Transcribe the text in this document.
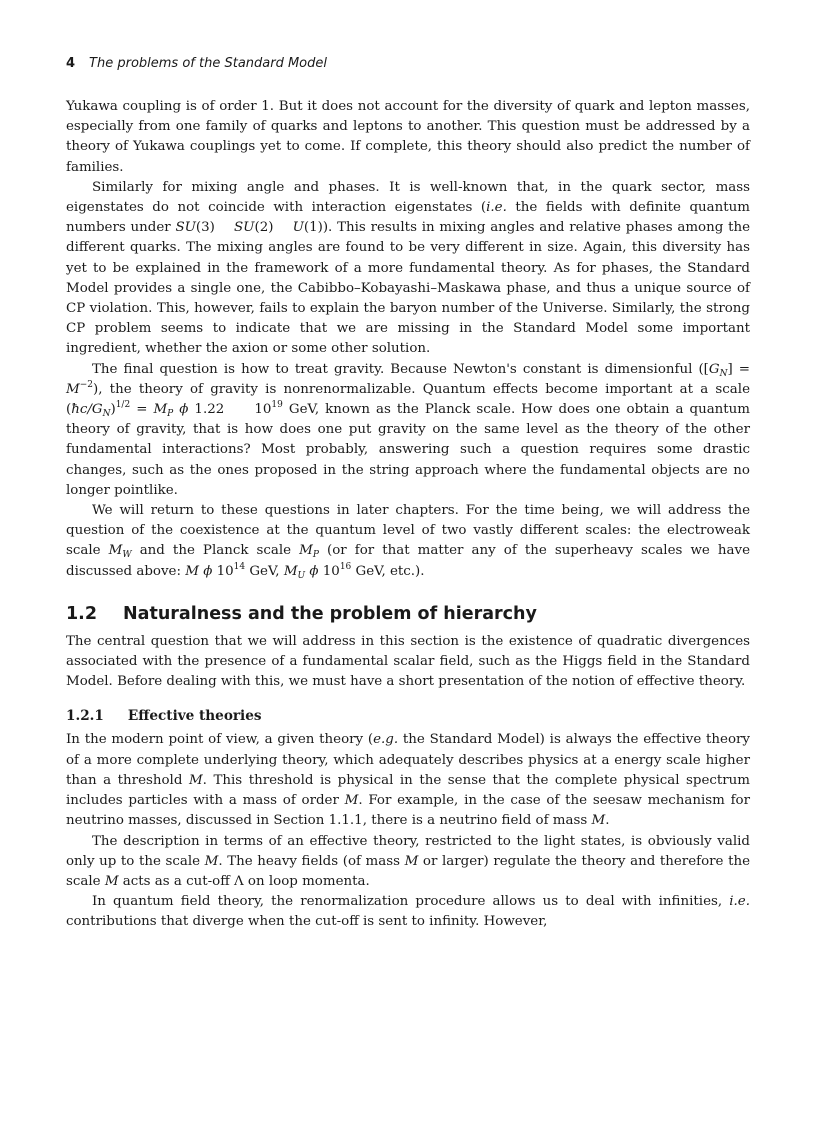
4 The problems of the Standard Model

Yukawa coupling is of order 1. But it does not account for the diversity of quark and lepton masses, especially from one family of quarks and leptons to another. This question must be addressed by a theory of Yukawa couplings yet to come. If complete, this theory should also predict the number of families.

Similarly for mixing angle and phases. It is well-known that, in the quark sector, mass eigenstates do not coincide with interaction eigenstates (i.e. the fields with definite quantum numbers under SU(3) SU(2) U(1)). This results in mixing angles and relative phases among the different quarks. The mixing angles are found to be very different in size. Again, this diversity has yet to be explained in the framework of a more fundamental theory. As for phases, the Standard Model provides a single one, the Cabibbo–Kobayashi–Maskawa phase, and thus a unique source of CP violation. This, however, fails to explain the baryon number of the Universe. Similarly, the strong CP problem seems to indicate that we are missing in the Standard Model some important ingredient, whether the axion or some other solution.

The final question is how to treat gravity. Because Newton's constant is dimensionful $([G_N] = M^{-2})$, the theory of gravity is nonrenormalizable. Quantum effects become important at a scale $(ħc/G_N)^{1/2} = M_P$ ϕ 1.22 $10^{19}$ GeV, known as the Planck scale. How does one obtain a quantum theory of gravity, that is how does one put gravity on the same level as the theory of the other fundamental interactions? Most probably, answering such a question requires some drastic changes, such as the ones proposed in the string approach where the fundamental objects are no longer pointlike.

We will return to these questions in later chapters. For the time being, we will address the question of the coexistence at the quantum level of two vastly different scales: the electroweak scale $M_W$ and the Planck scale $M_P$ (or for that matter any of the superheavy scales we have discussed above: M ϕ $10^{14}$ GeV, $M_U$ ϕ $10^{16}$ GeV, etc.).

1.2 Naturalness and the problem of hierarchy

The central question that we will address in this section is the existence of quadratic divergences associated with the presence of a fundamental scalar field, such as the Higgs field in the Standard Model. Before dealing with this, we must have a short presentation of the notion of effective theory.

1.2.1 Effective theories

In the modern point of view, a given theory (e.g. the Standard Model) is always the effective theory of a more complete underlying theory, which adequately describes physics at a energy scale higher than a threshold M. This threshold is physical in the sense that the complete physical spectrum includes particles with a mass of order M. For example, in the case of the seesaw mechanism for neutrino masses, discussed in Section 1.1.1, there is a neutrino field of mass M.

The description in terms of an effective theory, restricted to the light states, is obviously valid only up to the scale M. The heavy fields (of mass M or larger) regulate the theory and therefore the scale M acts as a cut-off Λ on loop momenta.

In quantum field theory, the renormalization procedure allows us to deal with infinities, i.e. contributions that diverge when the cut-off is sent to infinity. However,
